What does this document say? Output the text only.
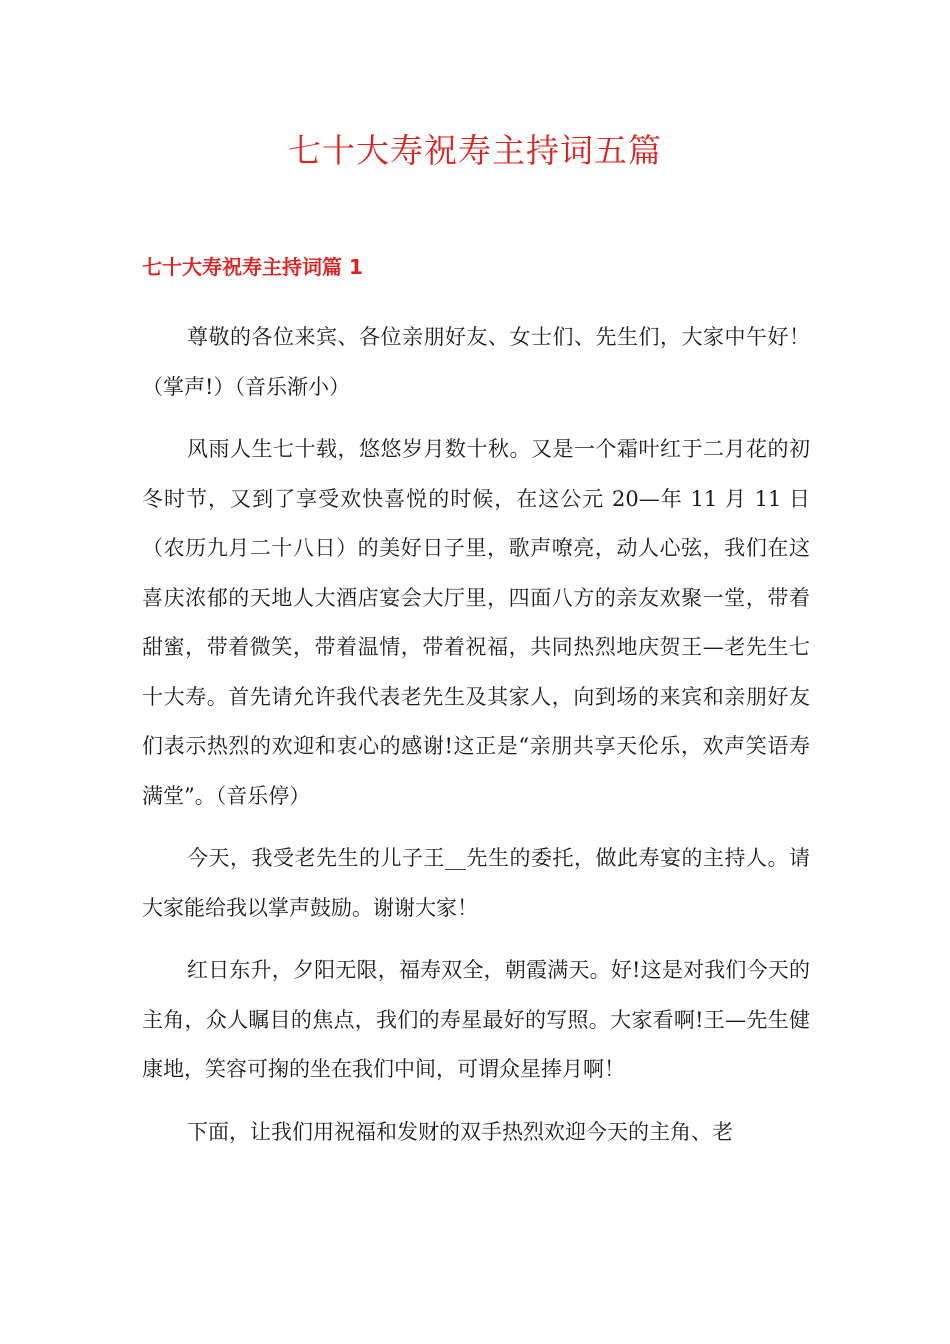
七十大寿祝寿主持词五篇
七十大寿祝寿主持词篇 1

尊敬的各位来宾、各位亲朋好友、女士们、先生们，大家中午好！（掌声!）（音乐渐小）

风雨人生七十载，悠悠岁月数十秋。又是一个霜叶红于二月花的初冬时节，又到了享受欢快喜悦的时候，在这公元 20—年 11 月 11 日（农历九月二十八日）的美好日子里，歌声嘹亮，动人心弦，我们在这喜庆浓郁的天地人大酒店宴会大厅里，四面八方的亲友欢聚一堂，带着甜蜜，带着微笑，带着温情，带着祝福，共同热烈地庆贺王—老先生七十大寿。首先请允许我代表老先生及其家人，向到场的来宾和亲朋好友们表示热烈的欢迎和衷心的感谢!这正是“亲朋共享天伦乐，欢声笑语寿满堂”。（音乐停）

今天，我受老先生的儿子王__先生的委托，做此寿宴的主持人。请大家能给我以掌声鼓励。谢谢大家！

红日东升，夕阳无限，福寿双全，朝霞满天。好!这是对我们今天的主角，众人瞩目的焦点，我们的寿星最好的写照。大家看啊!王—先生健康地，笑容可掬的坐在我们中间，可谓众星捧月啊！

下面，让我们用祝福和发财的双手热烈欢迎今天的主角、老
